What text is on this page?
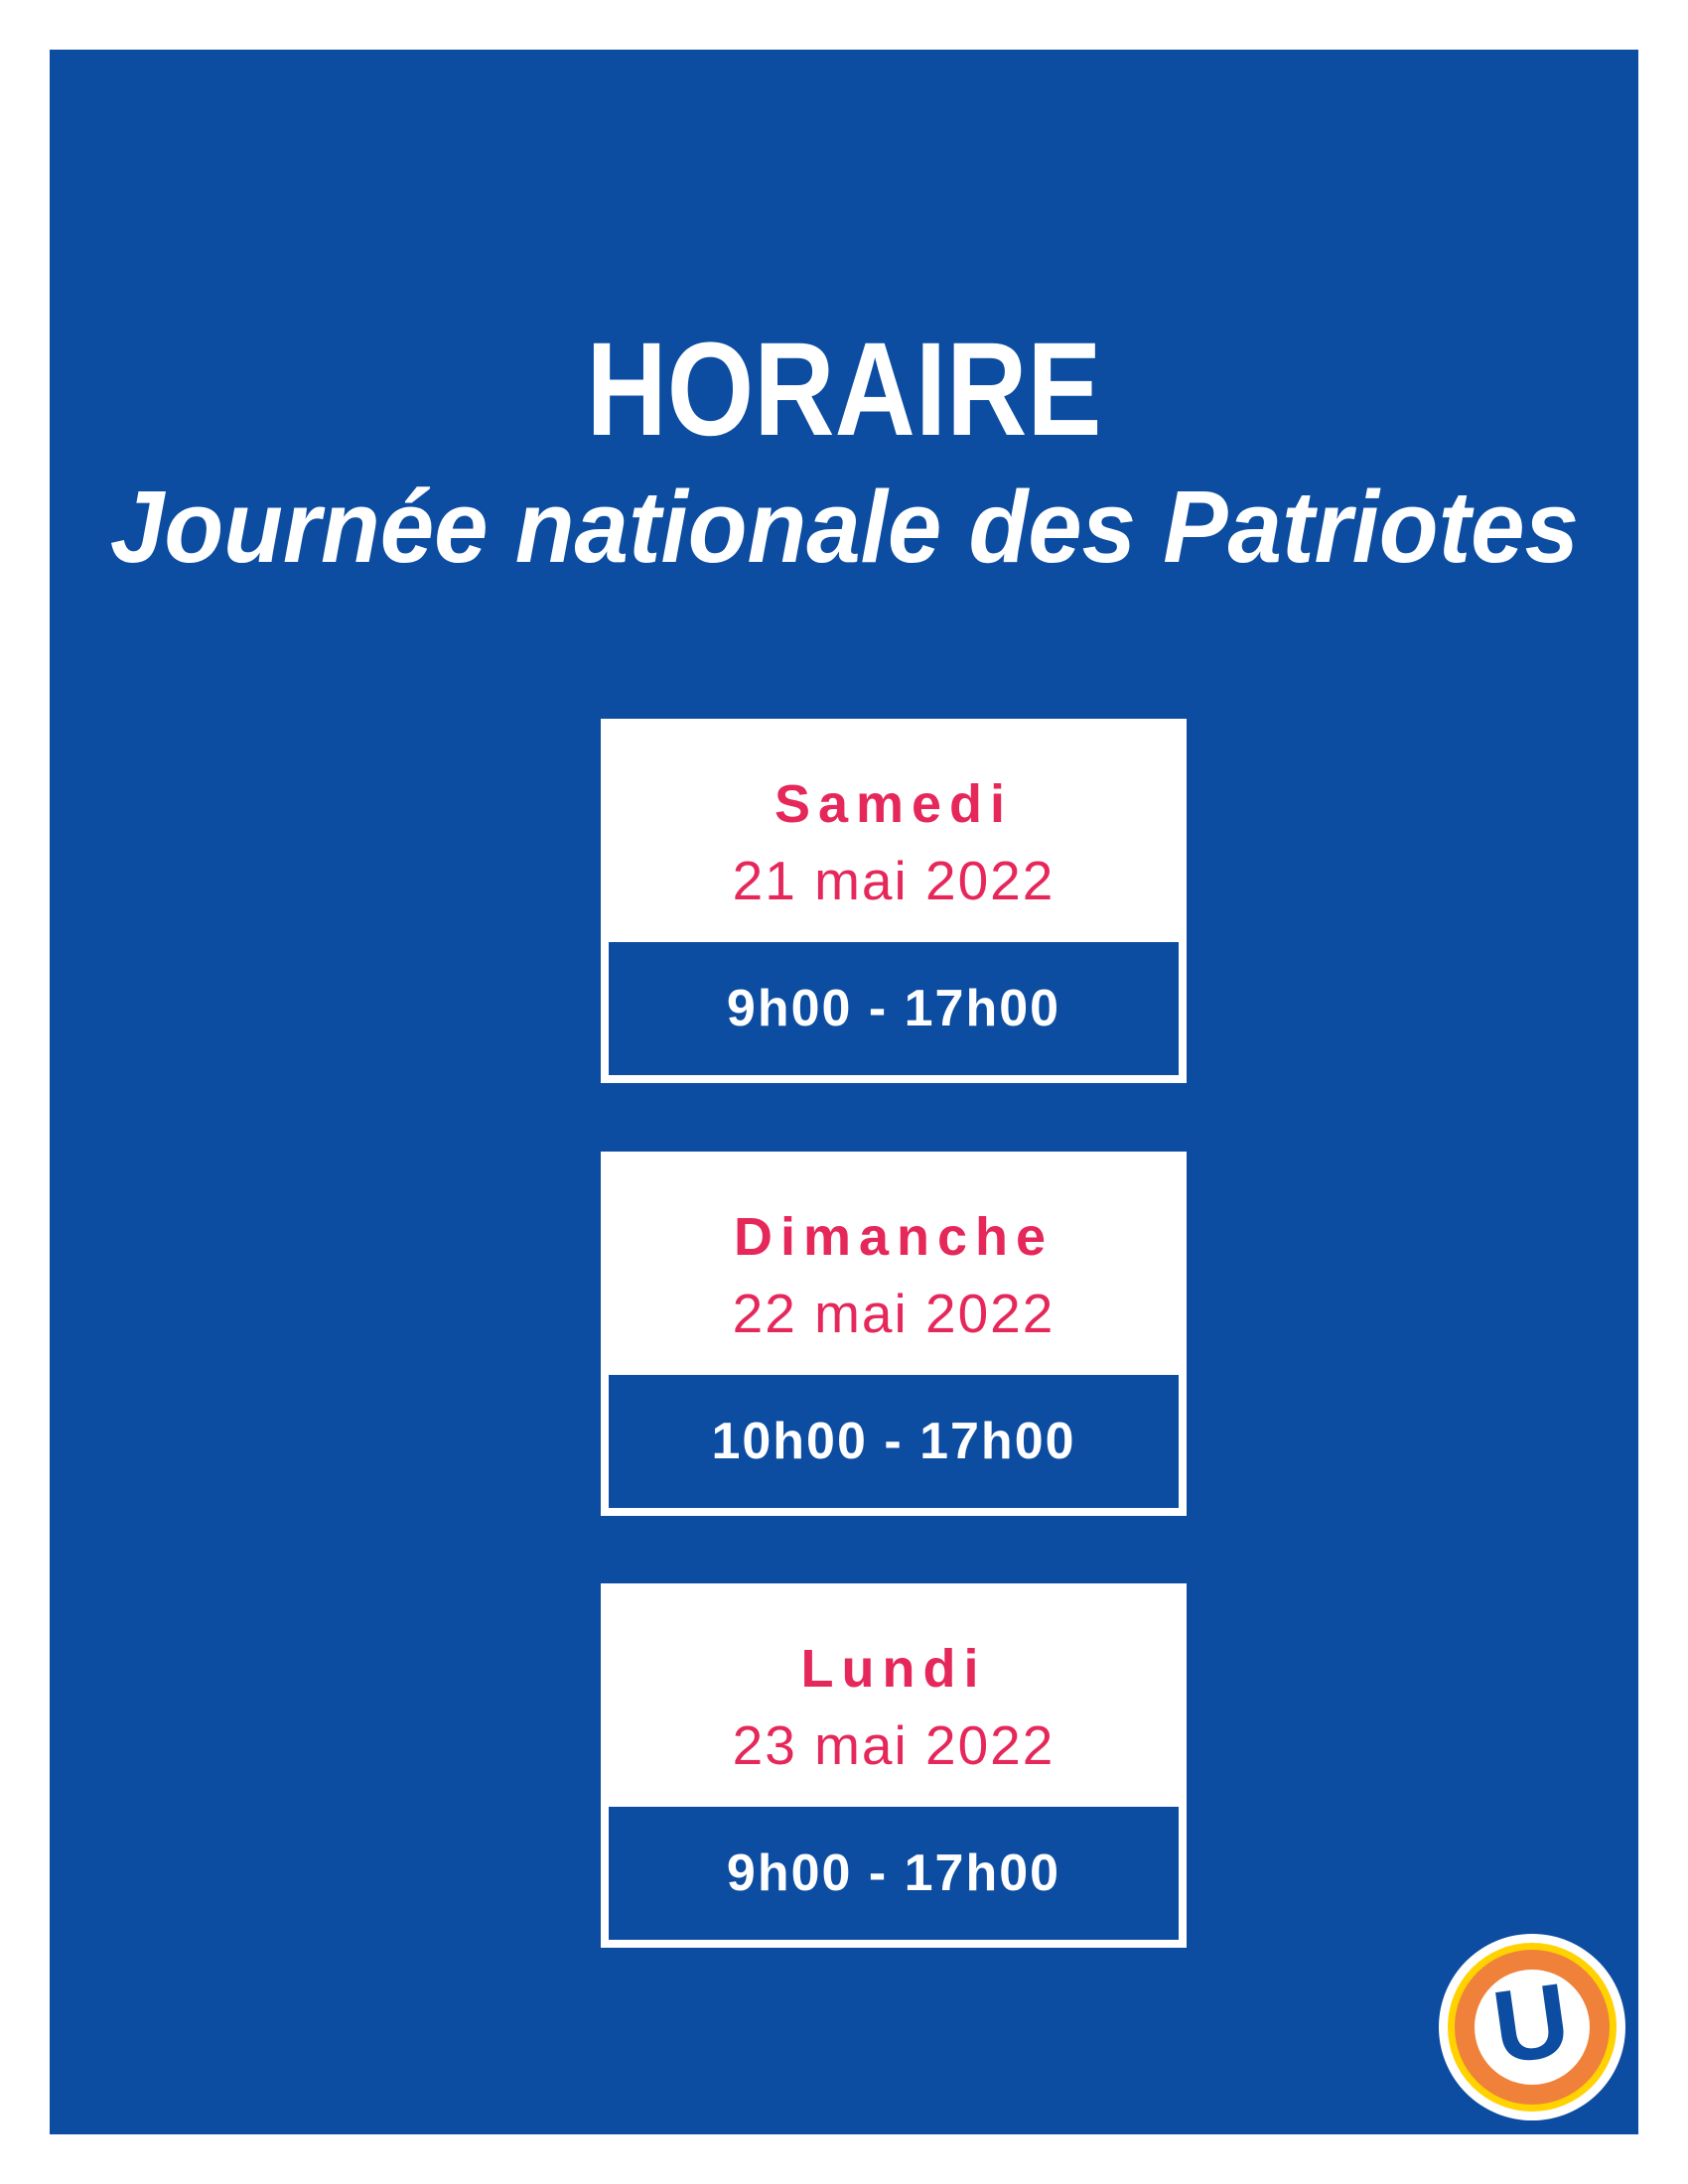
HORAIRE
Journée nationale des Patriotes
Samedi
21 mai 2022
9h00 - 17h00
Dimanche
22 mai 2022
10h00 - 17h00
Lundi
23 mai 2022
9h00 - 17h00
U
